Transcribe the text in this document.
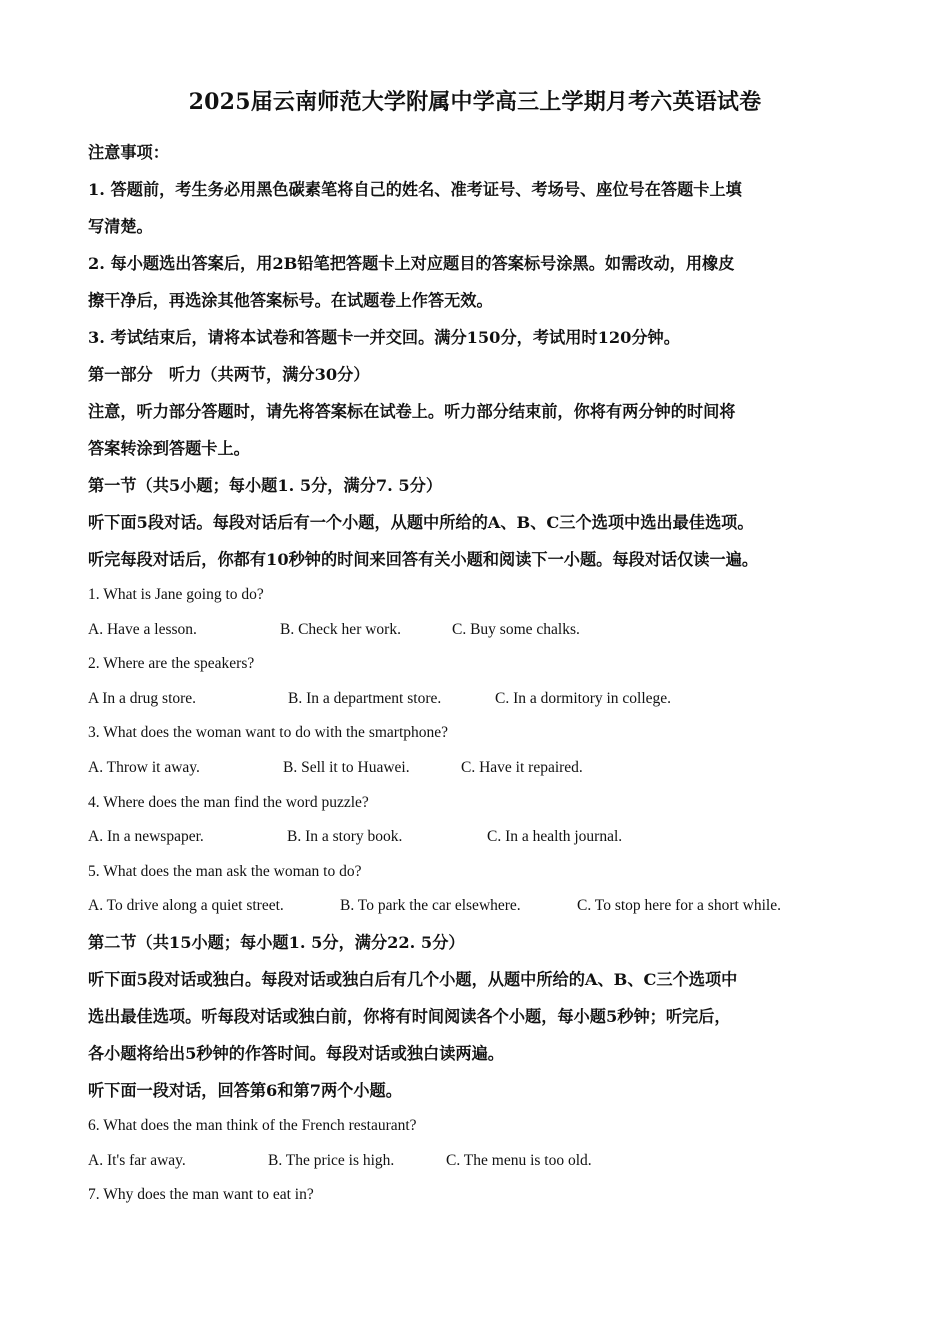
2025届云南师范大学附属中学高三上学期月考六英语试卷

注意事项：

1. 答题前，考生务必用黑色碳素笔将自己的姓名、准考证号、考场号、座位号在答题卡上填

写清楚。

2. 每小题选出答案后，用2B铅笔把答题卡上对应题目的答案标号涂黑。如需改动，用橡皮

擦干净后，再选涂其他答案标号。在试题卷上作答无效。

3. 考试结束后，请将本试卷和答题卡一并交回。满分150分，考试用时120分钟。

第一部分　听力（共两节，满分30分）

注意，听力部分答题时，请先将答案标在试卷上。听力部分结束前，你将有两分钟的时间将

答案转涂到答题卡上。

第一节（共5小题；每小题1. 5分，满分7. 5分）

听下面5段对话。每段对话后有一个小题，从题中所给的A、B、C三个选项中选出最佳选项。

听完每段对话后，你都有10秒钟的时间来回答有关小题和阅读下一小题。每段对话仅读一遍。

1. What is Jane going to do?

A. Have a lesson.	B. Check her work.	C. Buy some chalks.

2. Where are the speakers?

A In a drug store.	B. In a department store.	C. In a dormitory in college.

3. What does the woman want to do with the smartphone?

A. Throw it away.	B. Sell it to Huawei.	C. Have it repaired.

4. Where does the man find the word puzzle?

A. In a newspaper.	B. In a story book.	C. In a health journal.

5. What does the man ask the woman to do?

A. To drive along a quiet street.	B. To park the car elsewhere.	C. To stop here for a short while.

第二节（共15小题；每小题1. 5分，满分22. 5分）

听下面5段对话或独白。每段对话或独白后有几个小题，从题中所给的A、B、C三个选项中

选出最佳选项。听每段对话或独白前，你将有时间阅读各个小题，每小题5秒钟；听完后，

各小题将给出5秒钟的作答时间。每段对话或独白读两遍。

听下面一段对话，回答第6和第7两个小题。

6. What does the man think of the French restaurant?

A. It's far away.	B. The price is high.	C. The menu is too old.

7. Why does the man want to eat in?
